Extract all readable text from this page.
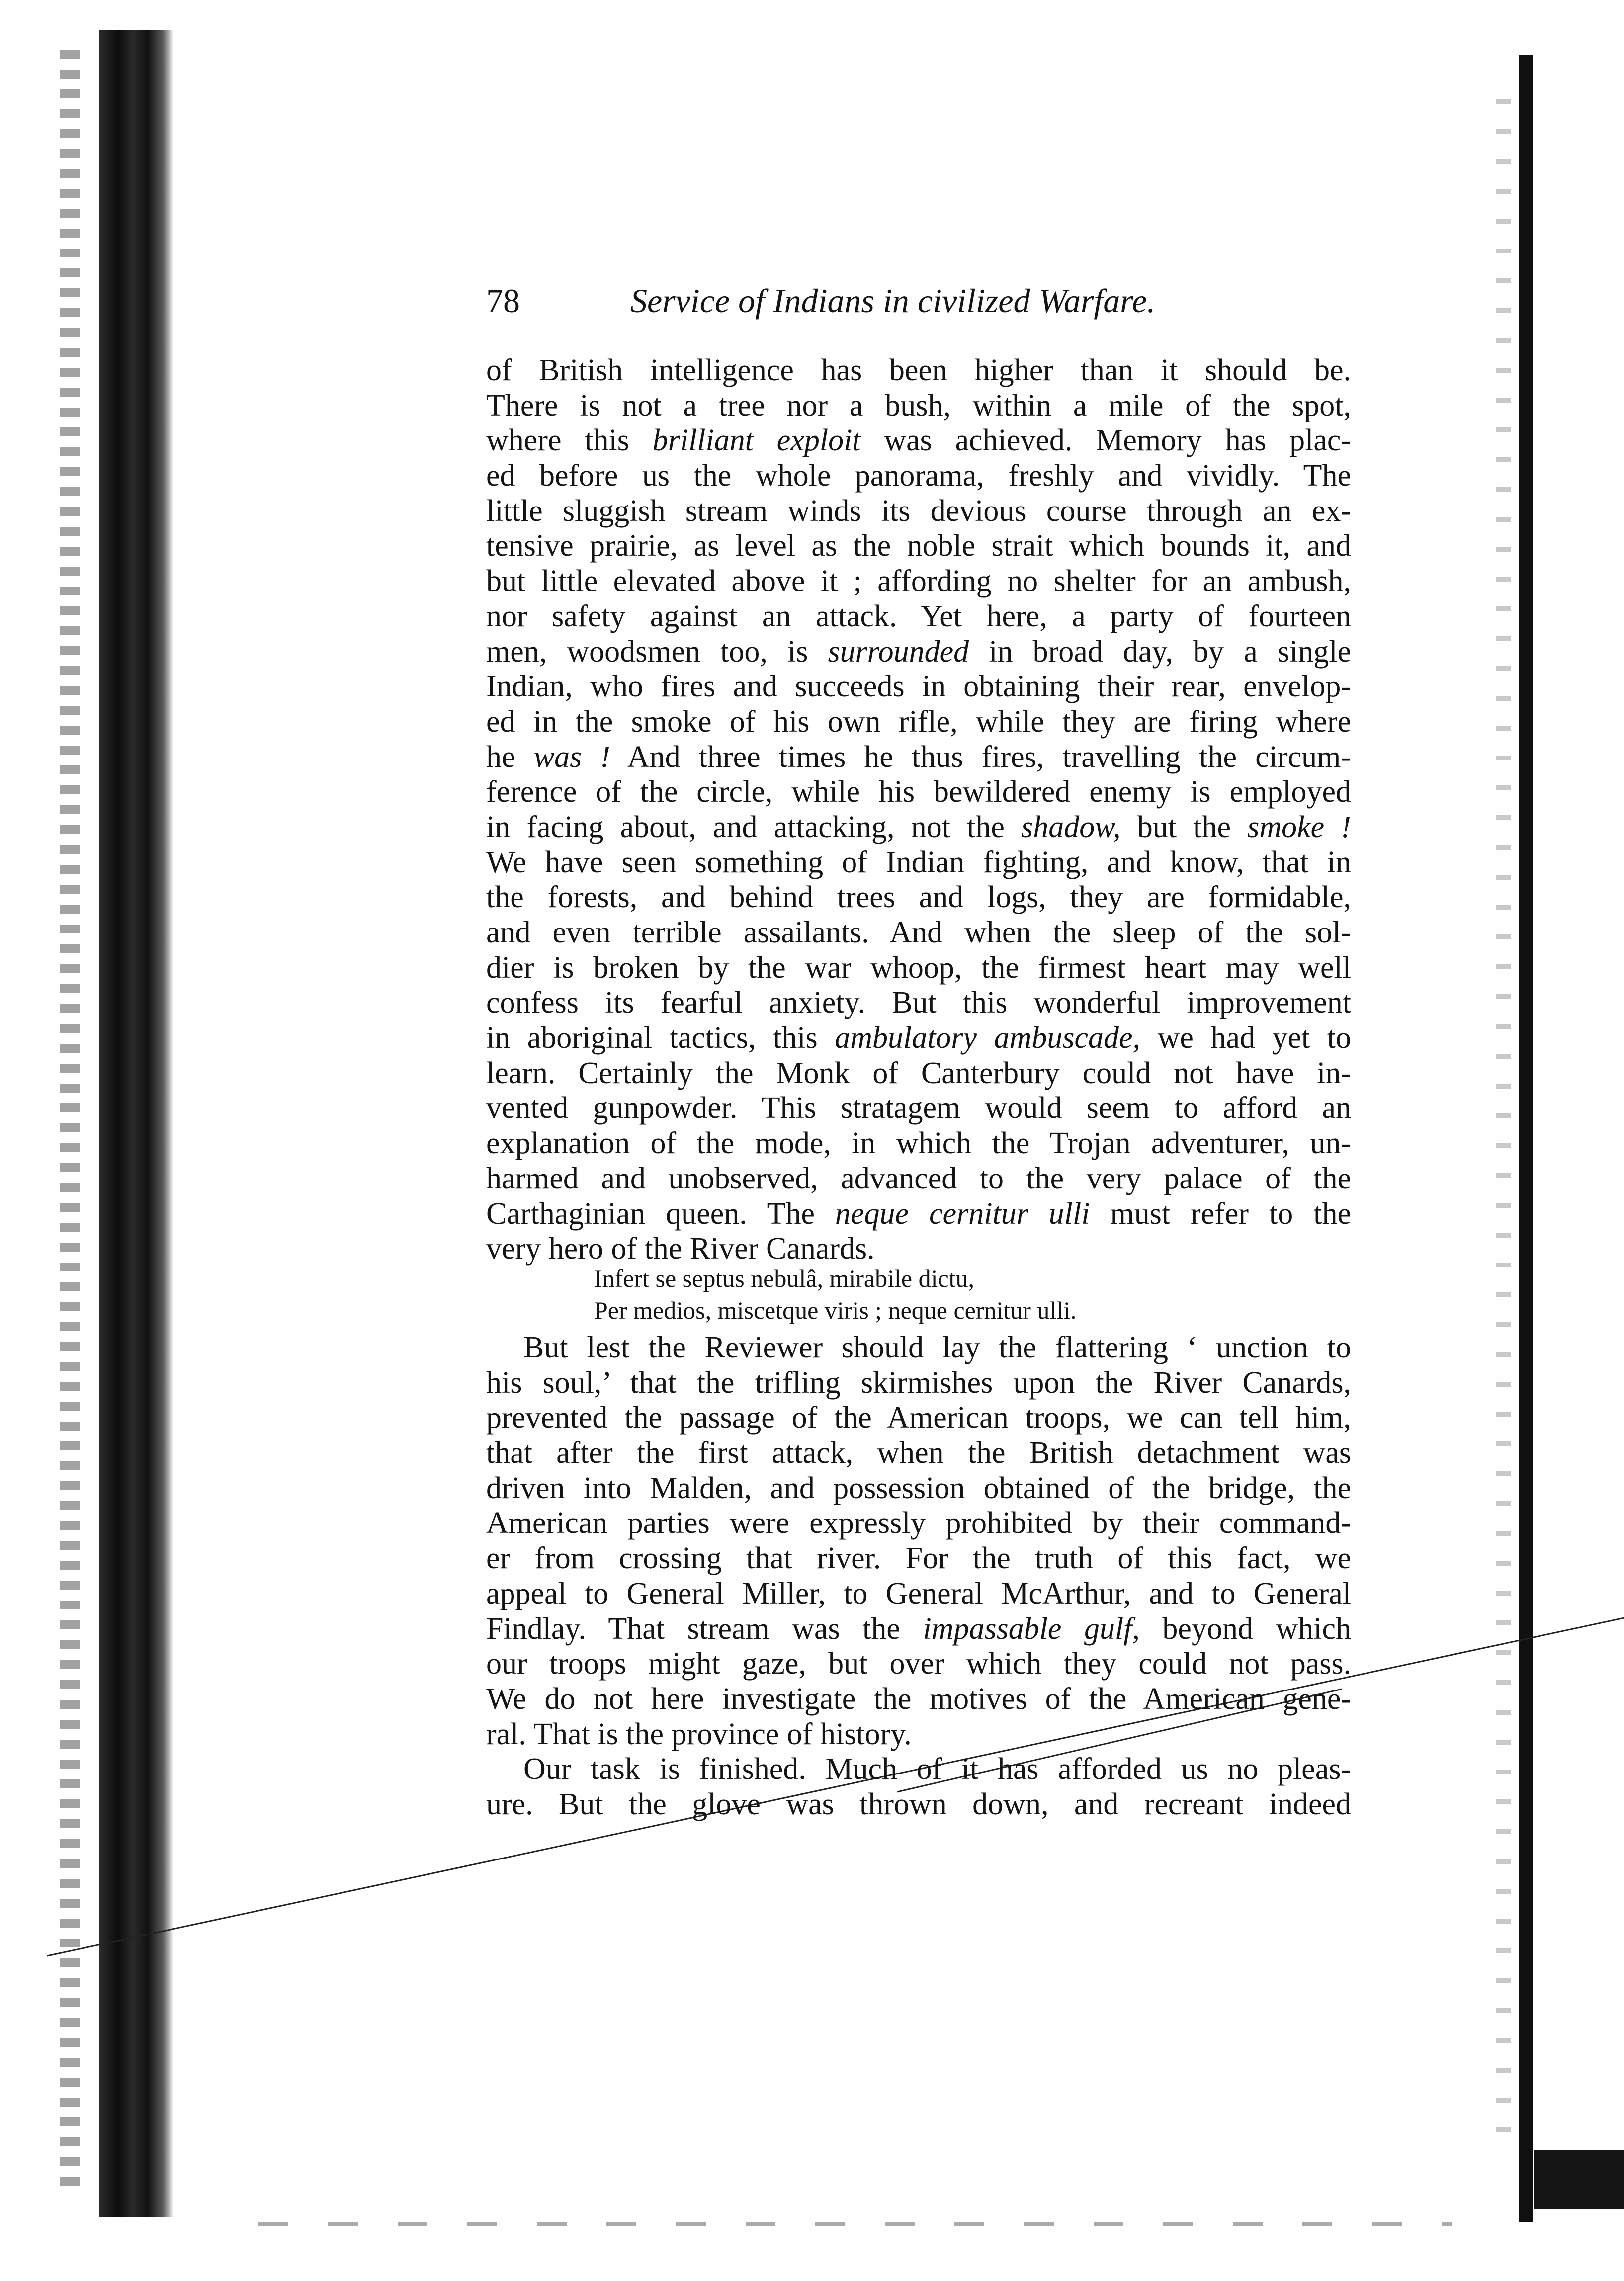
78	Service of Indians in civilized Warfare.
of British intelligence has been higher than it should be.
There is not a tree nor a bush, within a mile of the spot,
where this brilliant exploit was achieved. Memory has plac-
ed before us the whole panorama, freshly and vividly. The
little sluggish stream winds its devious course through an ex-
tensive prairie, as level as the noble strait which bounds it, and
but little elevated above it ; affording no shelter for an ambush,
nor safety against an attack. Yet here, a party of fourteen
men, woodsmen too, is surrounded in broad day, by a single
Indian, who fires and succeeds in obtaining their rear, envelop-
ed in the smoke of his own rifle, while they are firing where
he was ! And three times he thus fires, travelling the circum-
ference of the circle, while his bewildered enemy is employed
in facing about, and attacking, not the shadow, but the smoke !
We have seen something of Indian fighting, and know, that in
the forests, and behind trees and logs, they are formidable,
and even terrible assailants. And when the sleep of the sol-
dier is broken by the war whoop, the firmest heart may well
confess its fearful anxiety. But this wonderful improvement
in aboriginal tactics, this ambulatory ambuscade, we had yet to
learn. Certainly the Monk of Canterbury could not have in-
vented gunpowder. This stratagem would seem to afford an
explanation of the mode, in which the Trojan adventurer, un-
harmed and unobserved, advanced to the very palace of the
Carthaginian queen. The neque cernitur ulli must refer to the
very hero of the River Canards.
Infert se septus nebulâ, mirabile dictu,
Per medios, miscetque viris ; neque cernitur ulli.
But lest the Reviewer should lay the flattering ‘ unction to
his soul,’ that the trifling skirmishes upon the River Canards,
prevented the passage of the American troops, we can tell him,
that after the first attack, when the British detachment was
driven into Malden, and possession obtained of the bridge, the
American parties were expressly prohibited by their command-
er from crossing that river. For the truth of this fact, we
appeal to General Miller, to General McArthur, and to General
Findlay. That stream was the impassable gulf, beyond which
our troops might gaze, but over which they could not pass.
We do not here investigate the motives of the American gene-
ral. That is the province of history.
Our task is finished. Much of it has afforded us no pleas-
ure. But the glove was thrown down, and recreant indeed
